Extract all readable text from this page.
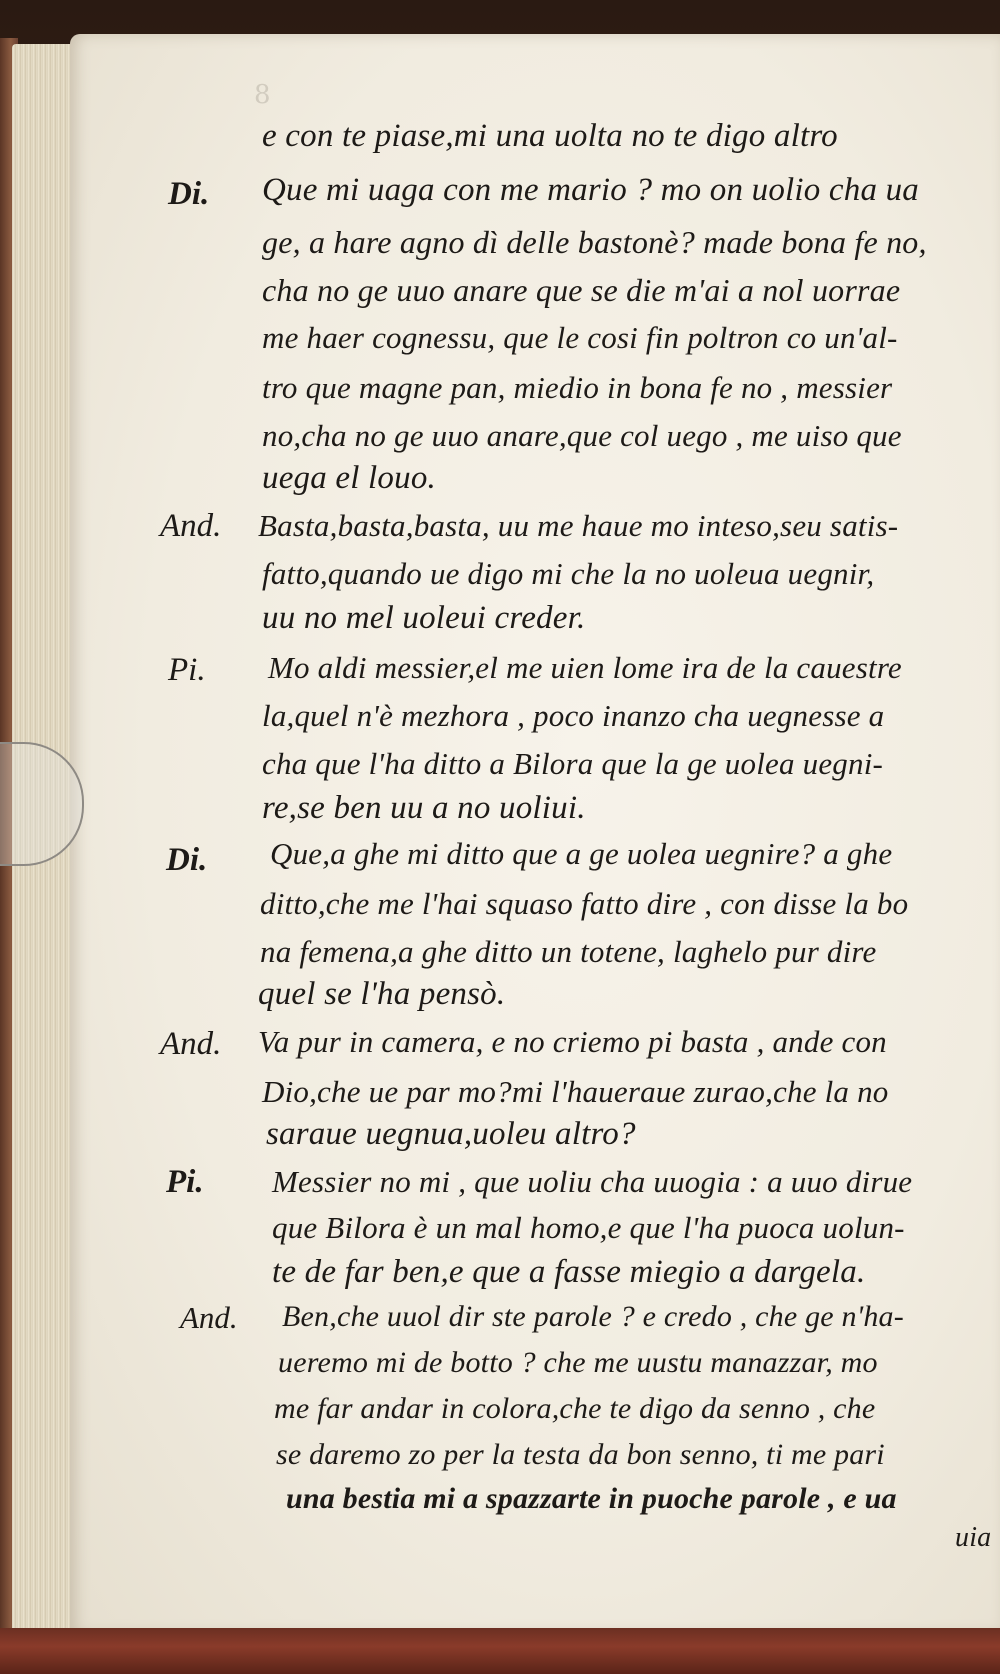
8
e con te piase,mi una uolta no te digo altro
Di. Que mi uaga con me mario ? mo on uolio cha ua
ge, a hare agno dì delle bastonè? made bona fe no,
cha no ge uuo anare que se die m'ai a nol uorrae
me haer cognessu, que le cosi fin poltron co un'al-
tro que magne pan, miedio in bona fe no , messier
no,cha no ge uuo anare,que col uego , me uiso que
uega el louo.
And. Basta,basta,basta, uu me haue mo inteso,seu satis-
fatto,quando ue digo mi che la no uoleua uegnir,
uu no mel uoleui creder.
Pi. Mo aldi messier,el me uien lome ira de la cauestre
la,quel n'è mezhora , poco inanzo cha uegnesse a
cha que l'ha ditto a Bilora que la ge uolea uegni-
re,se ben uu a no uoliui.
Di. Que,a ghe mi ditto que a ge uolea uegnire? a ghe
ditto,che me l'hai squaso fatto dire , con disse la bo
na femena,a ghe ditto un totene, laghelo pur dire
quel se l'ha pensò.
And. Va pur in camera, e no criemo pi basta , ande con
Dio,che ue par mo?mi l'haueraue zurao,che la no
saraue uegnua,uoleu altro?
Pi. Messier no mi , que uoliu cha uuogia : a uuo dirue
que Bilora è un mal homo,e que l'ha puoca uolun-
te de far ben,e que a fasse miegio a dargela.
And. Ben,che uuol dir ste parole ? e credo , che ge n'ha-
ueremo mi de botto ? che me uustu manazzar, mo
me far andar in colora,che te digo da senno , che
se daremo zo per la testa da bon senno, ti me pari
una bestia mi a spazzarte in puoche parole , e ua
uia
